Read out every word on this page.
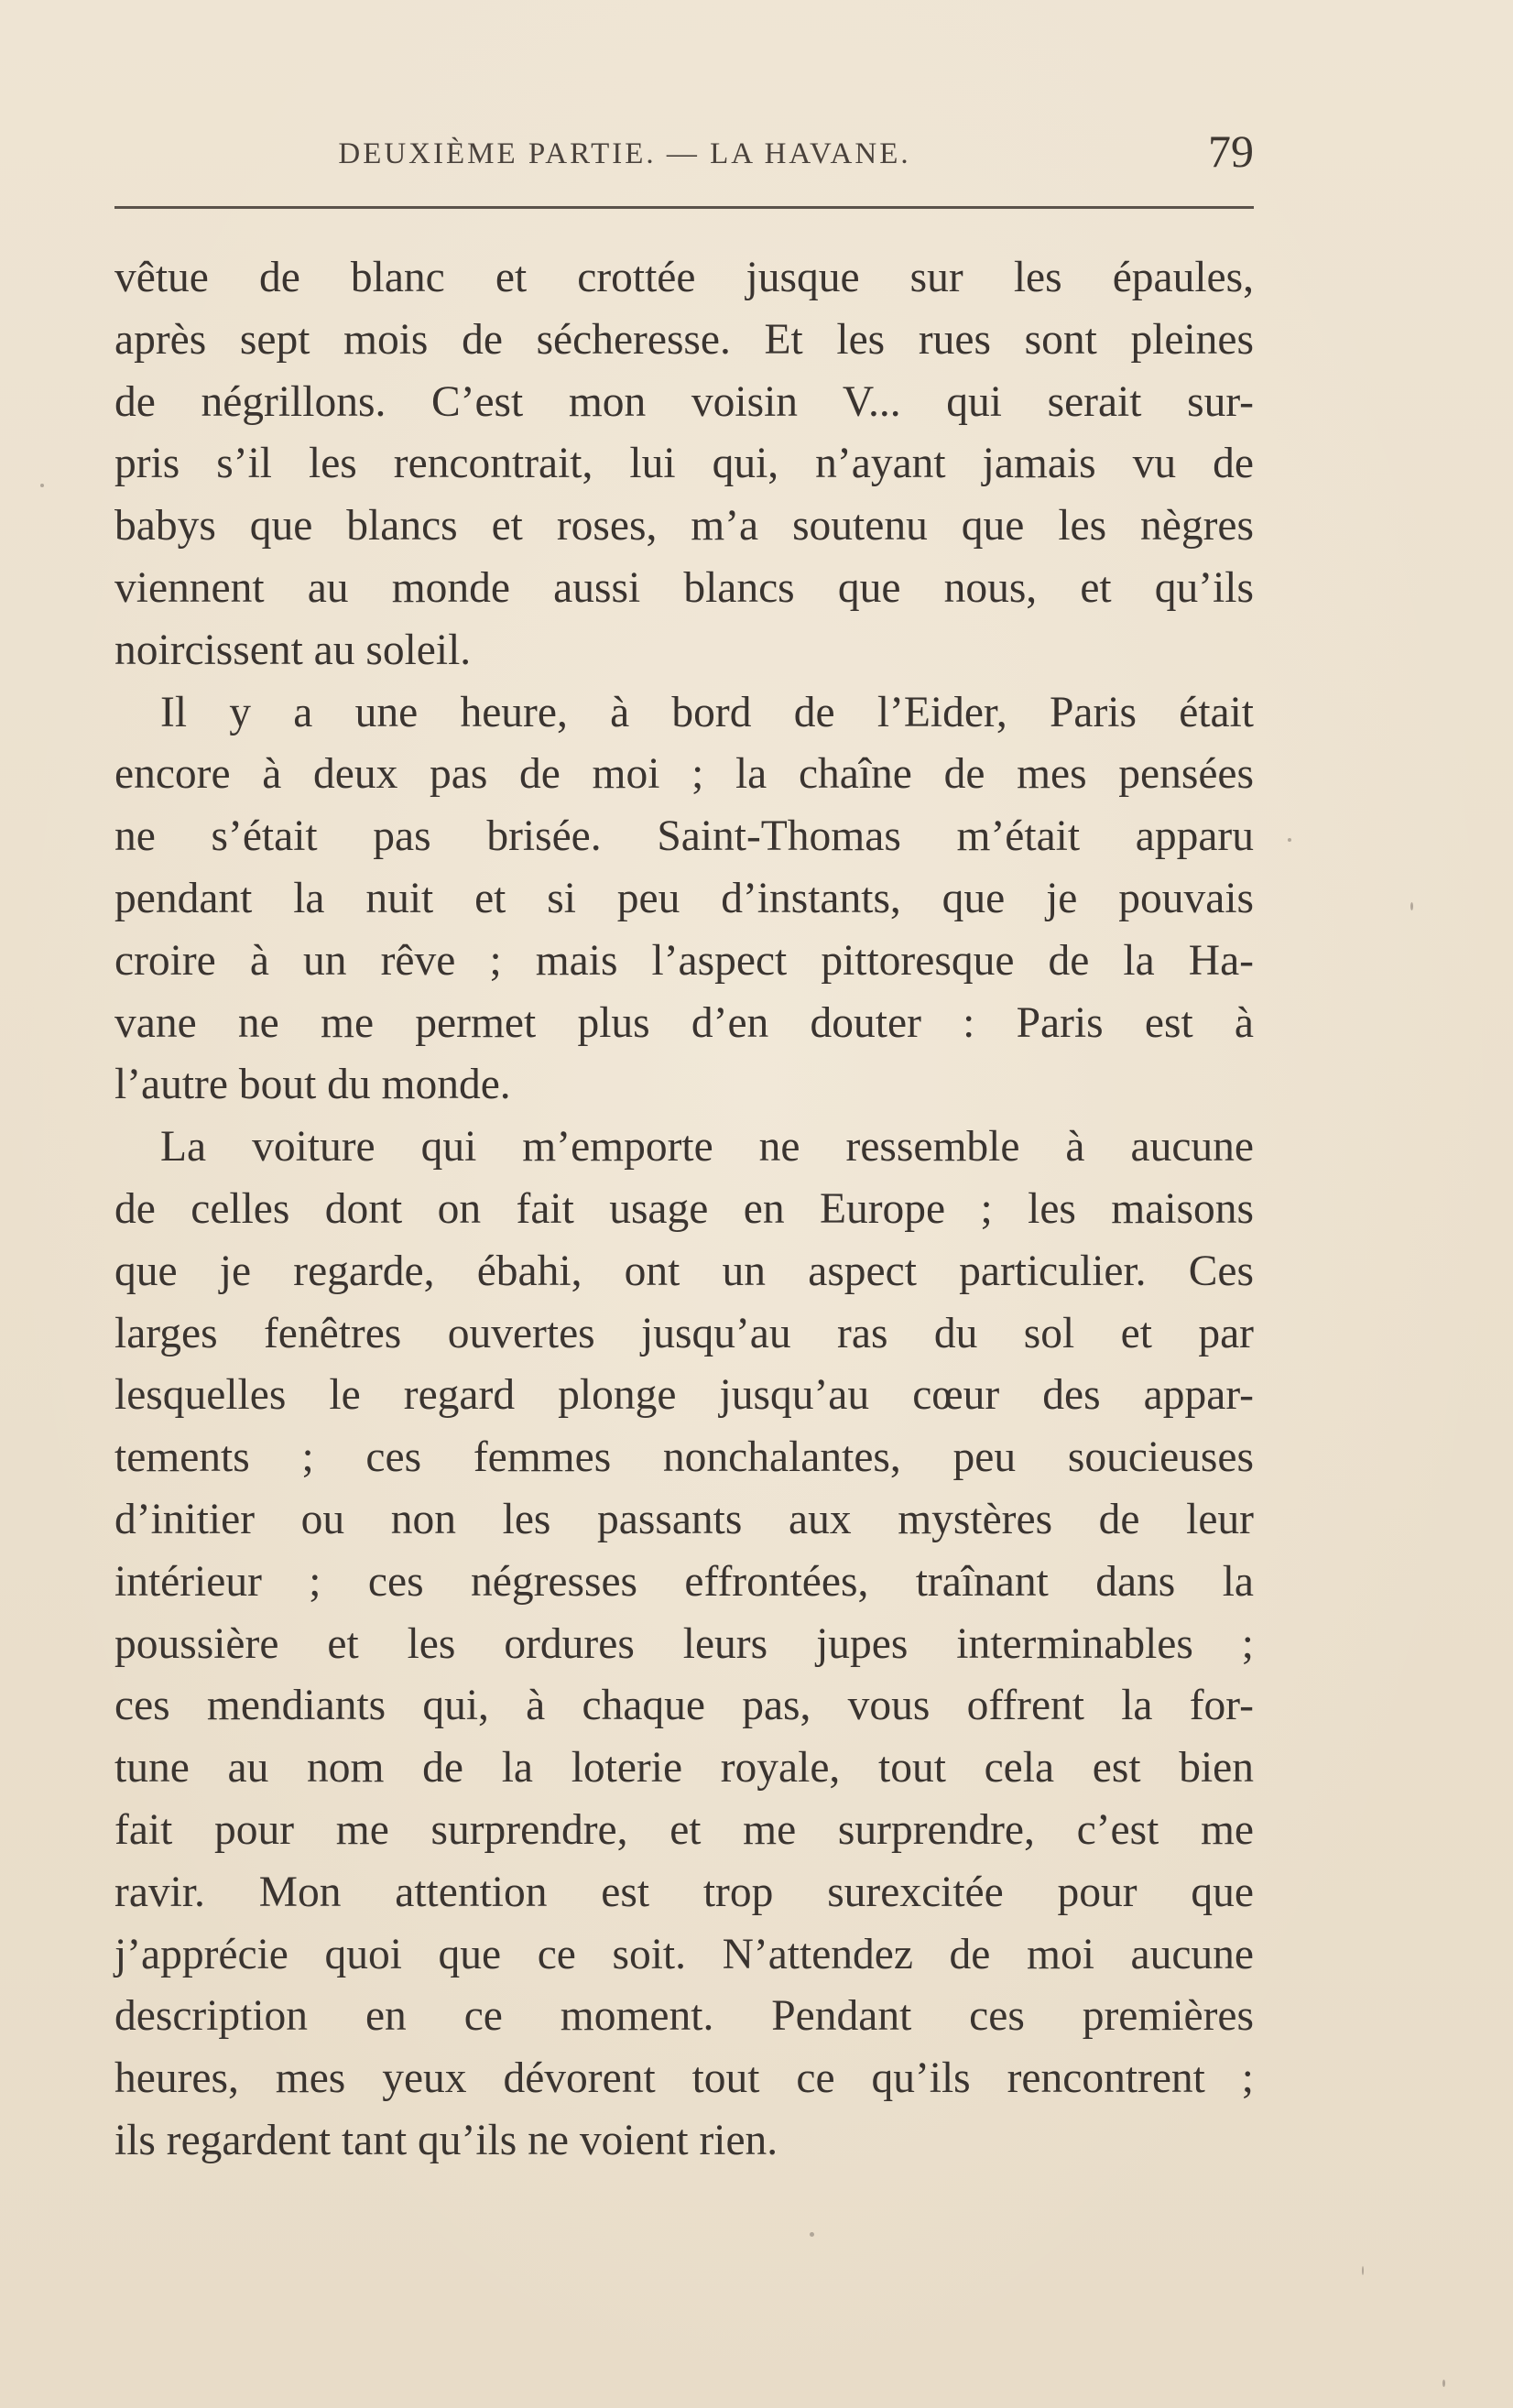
DEUXIÈME PARTIE. — LA HAVANE.	79
vêtue de blanc et crottée jusque sur les épaules,
après sept mois de sécheresse. Et les rues sont pleines
de négrillons. C’est mon voisin V... qui serait sur-
pris s’il les rencontrait, lui qui, n’ayant jamais vu de
babys que blancs et roses, m’a soutenu que les nègres
viennent au monde aussi blancs que nous, et qu’ils
noircissent au soleil.
Il y a une heure, à bord de l’Eider, Paris était
encore à deux pas de moi ; la chaîne de mes pensées
ne s’était pas brisée. Saint-Thomas m’était apparu
pendant la nuit et si peu d’instants, que je pouvais
croire à un rêve ; mais l’aspect pittoresque de la Ha-
vane ne me permet plus d’en douter : Paris est à
l’autre bout du monde.
La voiture qui m’emporte ne ressemble à aucune
de celles dont on fait usage en Europe ; les maisons
que je regarde, ébahi, ont un aspect particulier. Ces
larges fenêtres ouvertes jusqu’au ras du sol et par
lesquelles le regard plonge jusqu’au cœur des appar-
tements ; ces femmes nonchalantes, peu soucieuses
d’initier ou non les passants aux mystères de leur
intérieur ; ces négresses effrontées, traînant dans la
poussière et les ordures leurs jupes interminables ;
ces mendiants qui, à chaque pas, vous offrent la for-
tune au nom de la loterie royale, tout cela est bien
fait pour me surprendre, et me surprendre, c’est me
ravir. Mon attention est trop surexcitée pour que
j’apprécie quoi que ce soit. N’attendez de moi aucune
description en ce moment. Pendant ces premières
heures, mes yeux dévorent tout ce qu’ils rencontrent ;
ils regardent tant qu’ils ne voient rien.
